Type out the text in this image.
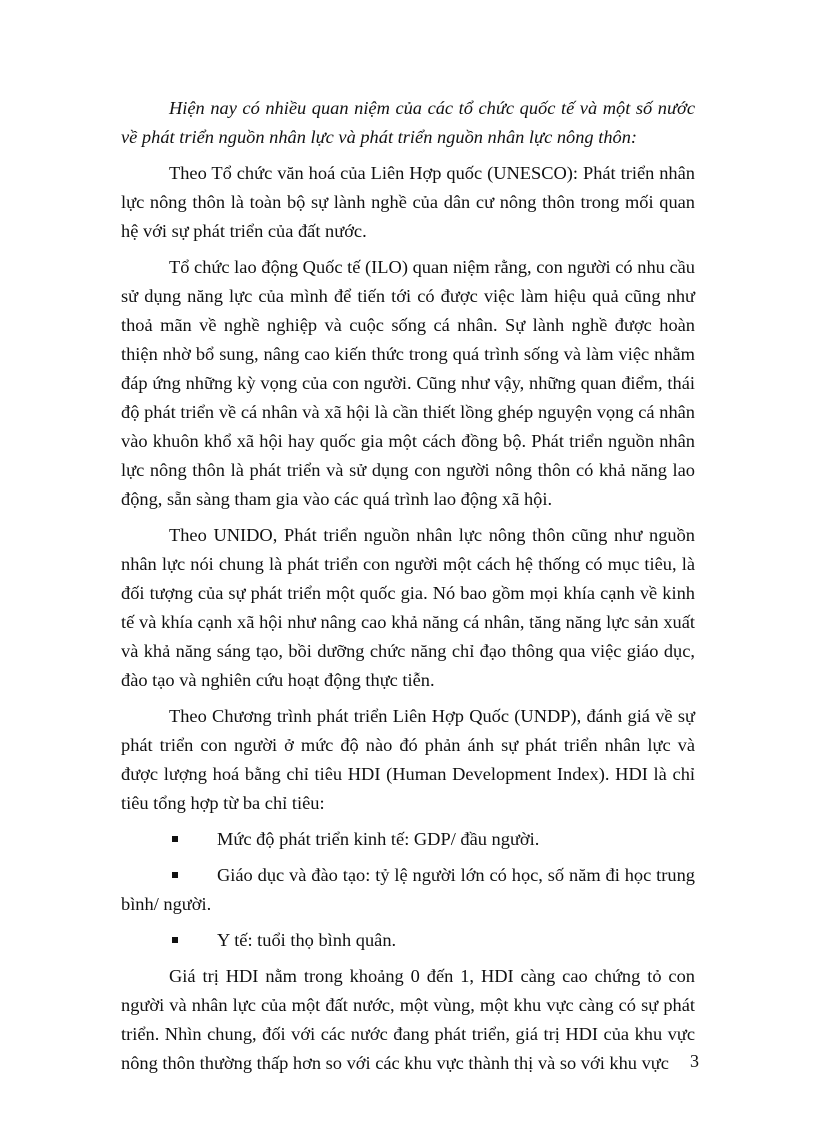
Hiện nay có nhiều quan niệm của các tổ chức quốc tế và một số nước về phát triển nguồn nhân lực và phát triển nguồn nhân lực nông thôn:

Theo Tổ chức văn hoá của Liên Hợp quốc (UNESCO): Phát triển nhân lực nông thôn là toàn bộ sự lành nghề của dân cư nông thôn trong mối quan hệ với sự phát triển của đất nước.

Tổ chức lao động Quốc tế (ILO) quan niệm rằng, con người có nhu cầu sử dụng năng lực của mình để tiến tới có được việc làm hiệu quả cũng như thoả mãn về nghề nghiệp và cuộc sống cá nhân. Sự lành nghề được hoàn thiện nhờ bổ sung, nâng cao kiến thức trong quá trình sống và làm việc nhằm đáp ứng những kỳ vọng của con người. Cũng như vậy, những quan điểm, thái độ phát triển về cá nhân và xã hội là cần thiết lồng ghép nguyện vọng cá nhân vào khuôn khổ xã hội hay quốc gia một cách đồng bộ. Phát triển nguồn nhân lực nông thôn là phát triển và sử dụng con người nông thôn có khả năng lao động, sẵn sàng tham gia vào các quá trình lao động xã hội.

Theo UNIDO, Phát triển nguồn nhân lực nông thôn cũng như nguồn nhân lực nói chung là phát triển con người một cách hệ thống có mục tiêu, là đối tượng của sự phát triển một quốc gia. Nó bao gồm mọi khía cạnh về kinh tế và khía cạnh xã hội như nâng cao khả năng cá nhân, tăng năng lực sản xuất và khả năng sáng tạo, bồi dưỡng chức năng chỉ đạo thông qua việc giáo dục, đào tạo và nghiên cứu hoạt động thực tiễn.

Theo Chương trình phát triển Liên Hợp Quốc (UNDP), đánh giá về sự phát triển con người ở mức độ nào đó phản ánh sự phát triển nhân lực và được lượng hoá bằng chỉ tiêu HDI (Human Development Index). HDI là chỉ tiêu tổng hợp từ ba chỉ tiêu:

Mức độ phát triển kinh tế: GDP/ đầu người.
Giáo dục và đào tạo: tỷ lệ người lớn có học, số năm đi học trung bình/ người.
Y tế: tuổi thọ bình quân.

Giá trị HDI nằm trong khoảng 0 đến 1, HDI càng cao chứng tỏ con người và nhân lực của một đất nước, một vùng, một khu vực càng có sự phát triển. Nhìn chung, đối với các nước đang phát triển, giá trị HDI của khu vực nông thôn thường thấp hơn so với các khu vực thành thị và so với khu vực	3
